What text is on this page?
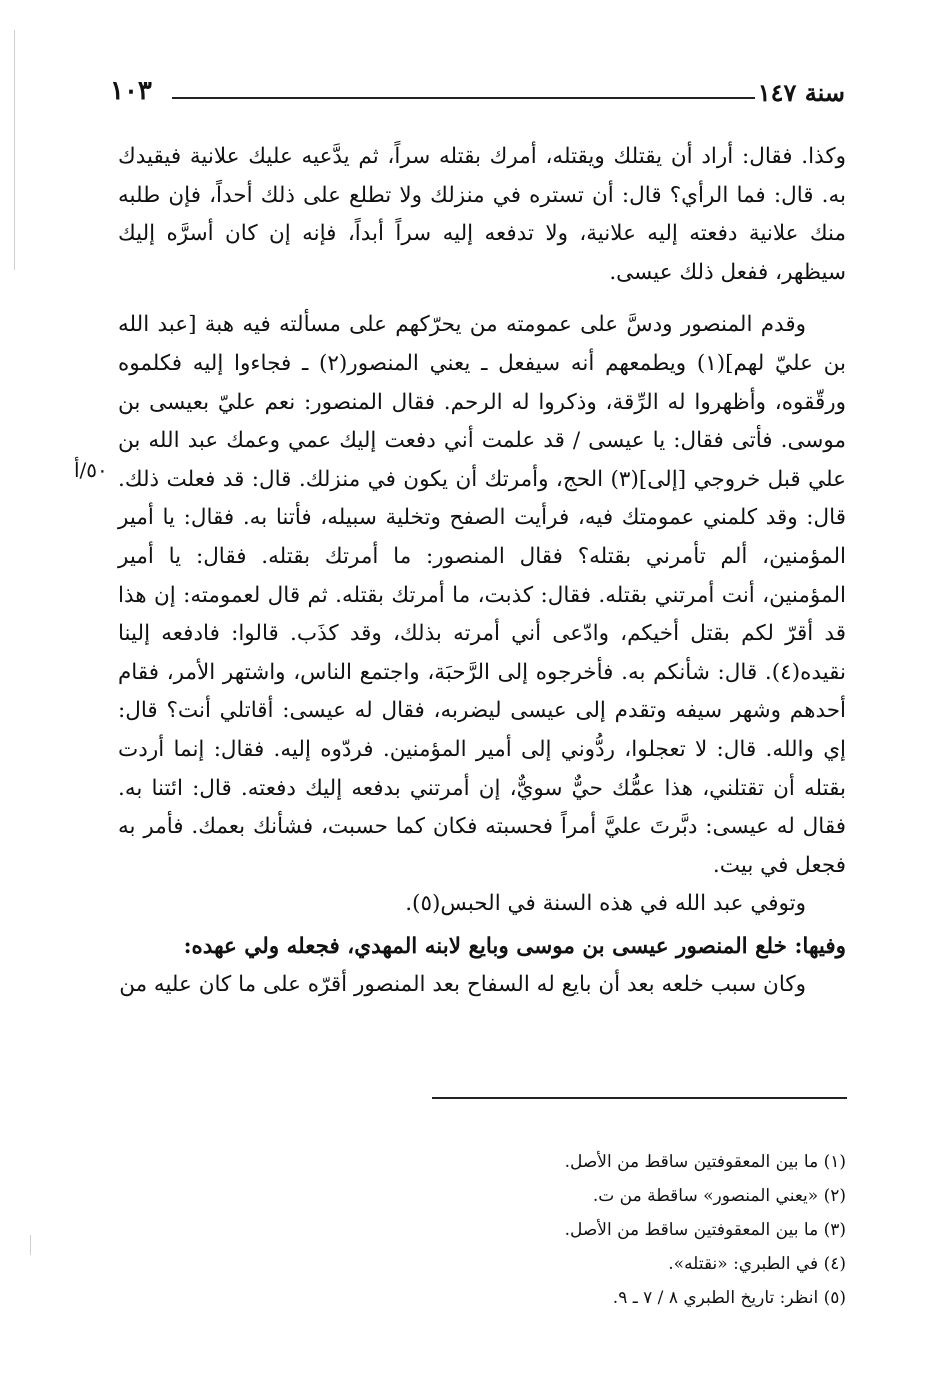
١٠٣	سنة ١٤٧
٥٠/أ

وكذا. فقال: أراد أن يقتلك ويقتله، أمرك بقتله سراً، ثم يدَّعيه عليك علانية فيقيدك به. قال: فما الرأي؟ قال: أن تستره في منزلك ولا تطلع على ذلك أحداً، فإن طلبه منك علانية دفعته إليه علانية، ولا تدفعه إليه سراً أبداً، فإنه إن كان أسرَّه إليك سيظهر، ففعل ذلك عيسى.

وقدم المنصور ودسَّ على عمومته من يحرّكهم على مسألته فيه هبة [عبد الله بن عليّ لهم](١) ويطمعهم أنه سيفعل ـ يعني المنصور(٢) ـ فجاءوا إليه فكلموه ورقّقوه، وأظهروا له الرِّقة، وذكروا له الرحم. فقال المنصور: نعم عليّ بعيسى بن موسى. فأتى فقال: يا عيسى / قد علمت أني دفعت إليك عمي وعمك عبد الله بن علي قبل خروجي [إلى](٣) الحج، وأمرتك أن يكون في منزلك. قال: قد فعلت ذلك. قال: وقد كلمني عمومتك فيه، فرأيت الصفح وتخلية سبيله، فأتنا به. فقال: يا أمير المؤمنين، ألم تأمرني بقتله؟ فقال المنصور: ما أمرتك بقتله. فقال: يا أمير المؤمنين، أنت أمرتني بقتله. فقال: كذبت، ما أمرتك بقتله. ثم قال لعمومته: إن هذا قد أقرّ لكم بقتل أخيكم، وادّعى أني أمرته بذلك، وقد كذَب. قالوا: فادفعه إلينا نقيده(٤). قال: شأنكم به. فأخرجوه إلى الرَّحبَة، واجتمع الناس، واشتهر الأمر، فقام أحدهم وشهر سيفه وتقدم إلى عيسى ليضربه، فقال له عيسى: أقاتلي أنت؟ قال: إي والله. قال: لا تعجلوا، ردُّوني إلى أمير المؤمنين. فردّوه إليه. فقال: إنما أردت بقتله أن تقتلني، هذا عمُّك حيٌّ سويٌّ، إن أمرتني بدفعه إليك دفعته. قال: ائتنا به. فقال له عيسى: دبَّرتَ عليَّ أمراً فحسبته فكان كما حسبت، فشأنك بعمك. فأمر به فجعل في بيت.

وتوفي عبد الله في هذه السنة في الحبس(٥).

وفيها: خلع المنصور عيسى بن موسى وبايع لابنه المهدي، فجعله ولي عهده:

وكان سبب خلعه بعد أن بايع له السفاح بعد المنصور أقرّه على ما كان عليه من

(١) ما بين المعقوفتين ساقط من الأصل.
(٢) «يعني المنصور» ساقطة من ت.
(٣) ما بين المعقوفتين ساقط من الأصل.
(٤) في الطبري: «نقتله».
(٥) انظر: تاريخ الطبري ٨ / ٧ ـ ٩.
